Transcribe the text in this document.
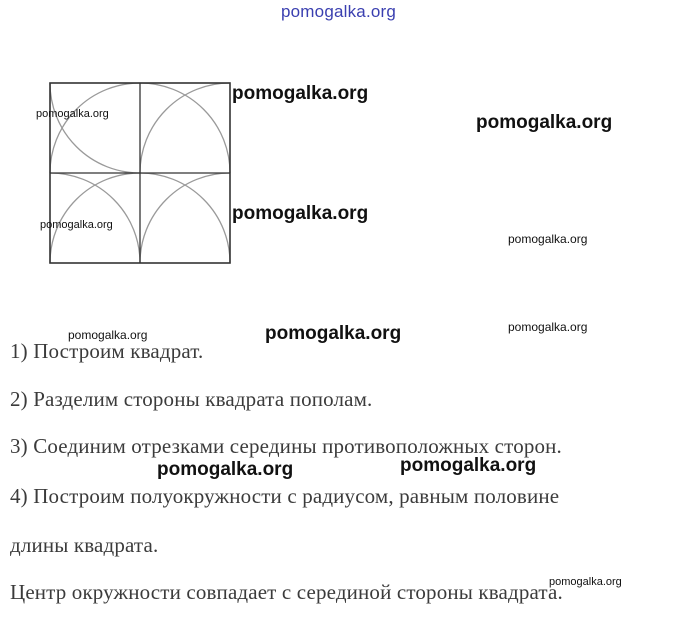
pomogalka.org
pomogalka.org
pomogalka.org	pomogalka.org
pomogalka.org
pomogalka.org
pomogalka.org
pomogalka.org	pomogalka.org	pomogalka.org
1) Построим квадрат.
2) Разделим стороны квадрата пополам.
3) Соединим отрезками середины противоположных сторон.
pomogalka.org	pomogalka.org
4) Построим полуокружности с радиусом, равным половине
длины квадрата.
pomogalka.org
Центр окружности совпадает с серединой стороны квадрата.
